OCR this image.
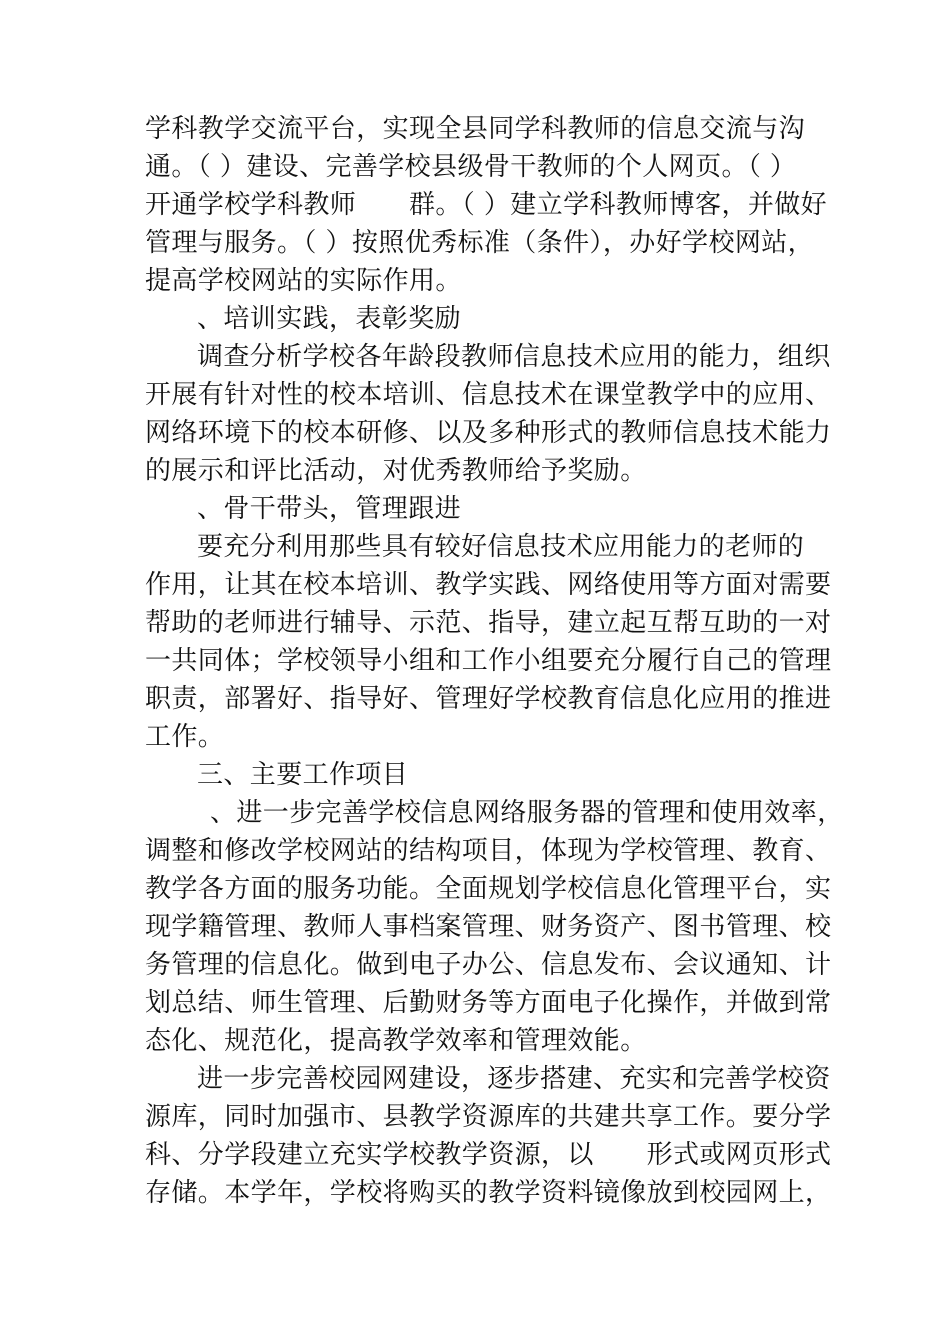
学科教学交流平台，实现全县同学科教师的信息交流与沟

通。（ ）建设、完善学校县级骨干教师的个人网页。（ ）

开通学校学科教师　　群。（ ）建立学科教师博客，并做好

管理与服务。（ ）按照优秀标准（条件），办好学校网站，

提高学校网站的实际作用。

、培训实践，表彰奖励

调查分析学校各年龄段教师信息技术应用的能力，组织

开展有针对性的校本培训、信息技术在课堂教学中的应用、

网络环境下的校本研修、以及多种形式的教师信息技术能力

的展示和评比活动，对优秀教师给予奖励。

、骨干带头，管理跟进

要充分利用那些具有较好信息技术应用能力的老师的

作用，让其在校本培训、教学实践、网络使用等方面对需要

帮助的老师进行辅导、示范、指导，建立起互帮互助的一对

一共同体；学校领导小组和工作小组要充分履行自己的管理

职责，部署好、指导好、管理好学校教育信息化应用的推进

工作。

三、主要工作项目

、进一步完善学校信息网络服务器的管理和使用效率，

调整和修改学校网站的结构项目，体现为学校管理、教育、

教学各方面的服务功能。全面规划学校信息化管理平台，实

现学籍管理、教师人事档案管理、财务资产、图书管理、校

务管理的信息化。做到电子办公、信息发布、会议通知、计

划总结、师生管理、后勤财务等方面电子化操作，并做到常

态化、规范化，提高教学效率和管理效能。

进一步完善校园网建设，逐步搭建、充实和完善学校资

源库，同时加强市、县教学资源库的共建共享工作。要分学

科、分学段建立充实学校教学资源，以　　形式或网页形式

存储。本学年，学校将购买的教学资料镜像放到校园网上，
